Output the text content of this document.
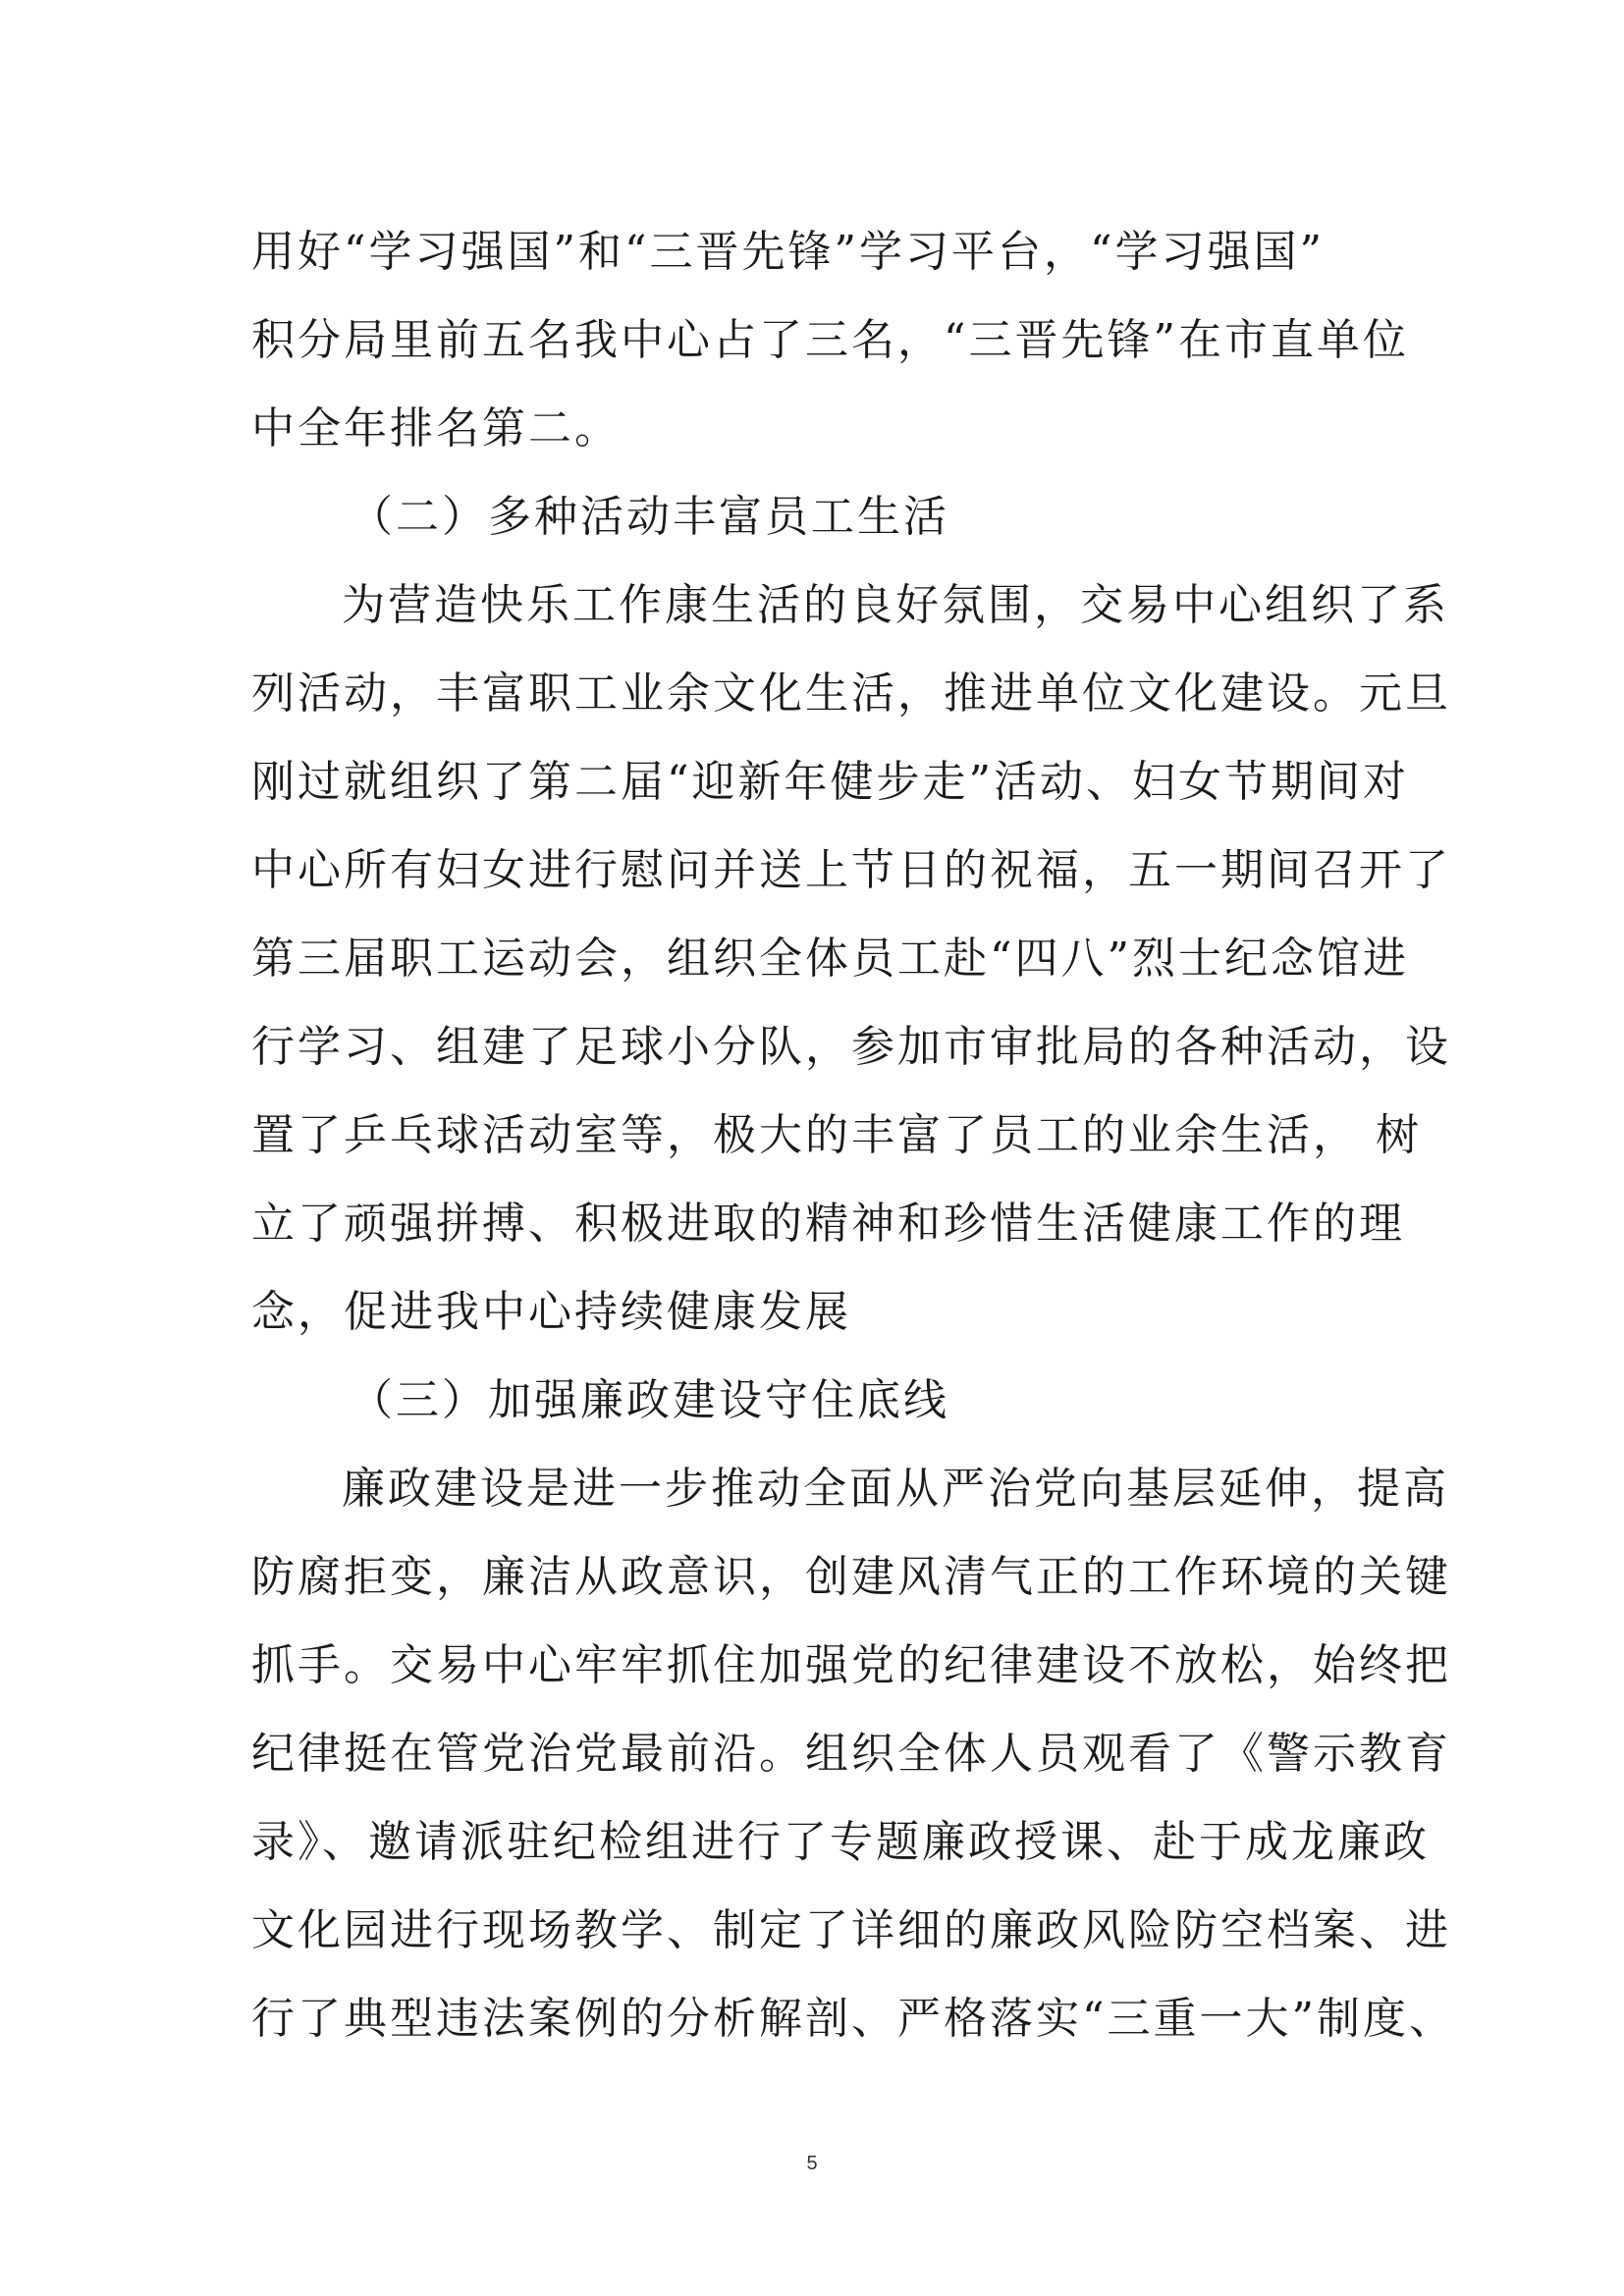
用好“学习强国”和“三晋先锋”学习平台，“学习强国”
积分局里前五名我中心占了三名，“三晋先锋”在市直单位
中全年排名第二。
（二）多种活动丰富员工生活
为营造快乐工作康生活的良好氛围，交易中心组织了系
列活动，丰富职工业余文化生活，推进单位文化建设。元旦
刚过就组织了第二届“迎新年健步走”活动、妇女节期间对
中心所有妇女进行慰问并送上节日的祝福，五一期间召开了
第三届职工运动会，组织全体员工赴“四八”烈士纪念馆进
行学习、组建了足球小分队，参加市审批局的各种活动，设
置了乒乓球活动室等，极大的丰富了员工的业余生活， 树
立了顽强拼搏、积极进取的精神和珍惜生活健康工作的理
念，促进我中心持续健康发展
（三）加强廉政建设守住底线
廉政建设是进一步推动全面从严治党向基层延伸，提高
防腐拒变，廉洁从政意识，创建风清气正的工作环境的关键
抓手。交易中心牢牢抓住加强党的纪律建设不放松，始终把
纪律挺在管党治党最前沿。组织全体人员观看了《警示教育
录》、邀请派驻纪检组进行了专题廉政授课、赴于成龙廉政
文化园进行现场教学、制定了详细的廉政风险防空档案、进
行了典型违法案例的分析解剖、严格落实“三重一大”制度、
5
